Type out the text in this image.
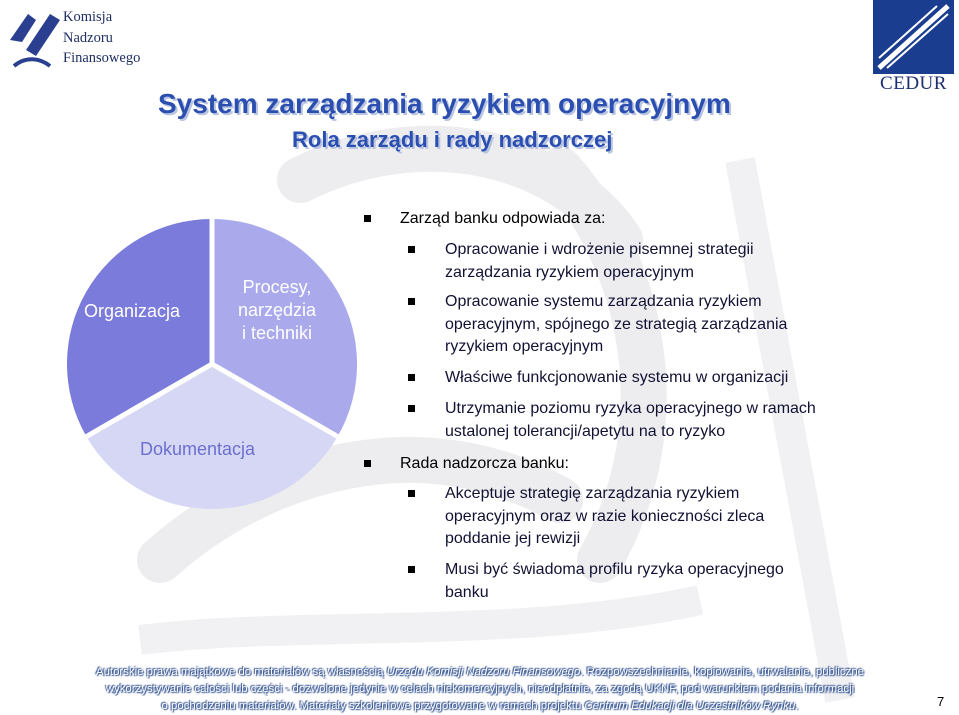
Komisja
Nadzoru
Finansowego
CEDUR
System zarządzania ryzykiem operacyjnym
Rola zarządu i rady nadzorczej
Organizacja
Procesy,
narzędzia
i techniki
Dokumentacja
Zarząd banku odpowiada za:
Opracowanie i wdrożenie pisemnej strategii
zarządzania ryzykiem operacyjnym
Opracowanie systemu zarządzania ryzykiem
operacyjnym, spójnego ze strategią zarządzania
ryzykiem operacyjnym
Właściwe funkcjonowanie systemu w organizacji
Utrzymanie poziomu ryzyka operacyjnego w ramach
ustalonej tolerancji/apetytu na to ryzyko
Rada nadzorcza banku:
Akceptuje strategię zarządzania ryzykiem
operacyjnym oraz w razie konieczności zleca
poddanie jej rewizji
Musi być świadoma profilu ryzyka operacyjnego
banku
Autorskie prawa majątkowe do materiałów są własnością Urzędu Komisji Nadzoru Finansowego. Rozpowszechnianie, kopiowanie, utrwalanie, publiczne
wykorzystywanie całości lub części - dozwolone jedynie w celach niekomercyjnych, nieodpłatnie, za zgodą UKNF, pod warunkiem podania informacji
o pochodzeniu materiałów. Materiały szkoleniowe przygotowane w ramach projektu Centrum Edukacji dla Uczestników Rynku.	7
